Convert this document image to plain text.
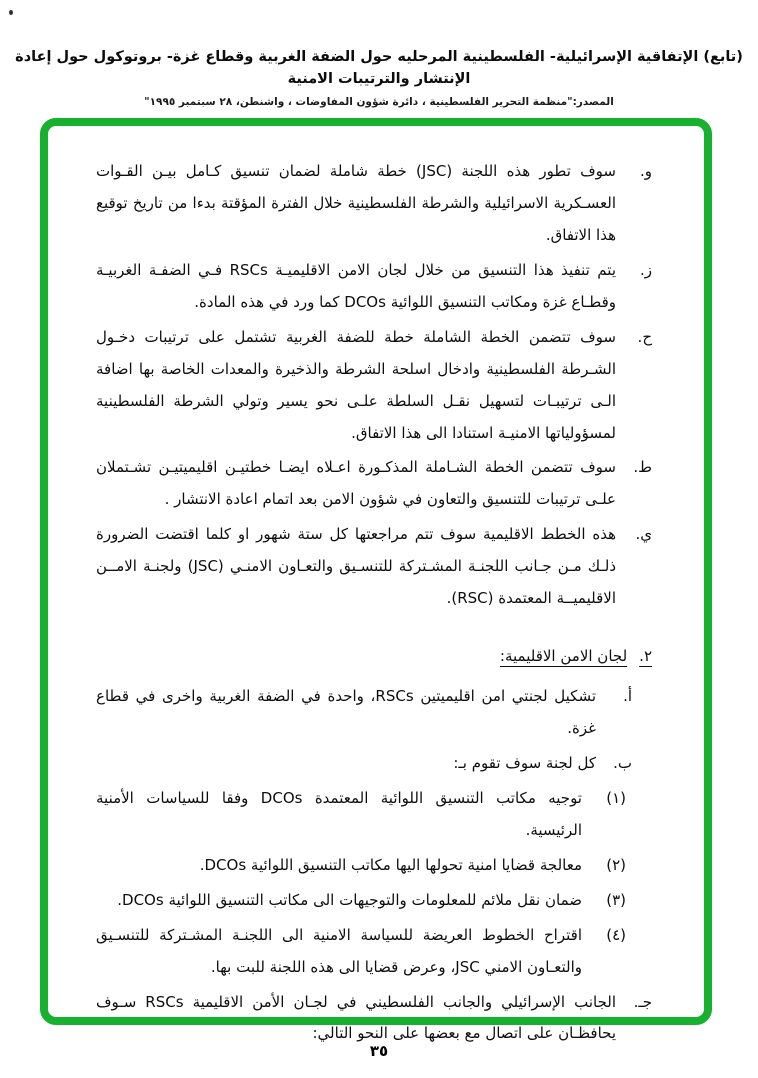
(تابع) الإتفاقية الإسرائيلية- الفلسطينية المرحليه حول الضفة الغربية وقطاع غزة- بروتوكول حول إعادة الإنتشار والترتيبات الامنية
المصدر:"منظمة التحرير الفلسطينية ، دائرة شؤون المفاوضات ، واشنطن، ٢٨ سبتمبر ١٩٩٥"
و.
سوف تطور هذه اللجنة (JSC) خطة شاملة لضمان تنسيق كـامل بيـن القـوات العسـكرية الاسرائيلية والشرطة الفلسطينية خلال الفترة المؤقتة بدءا من تاريخ توقيع هذا الاتفاق.
ز.
يتم تنفيذ هذا التنسيق من خلال لجان الامن الاقليميـة RSCs فـي الضفـة الغربيـة وقطـاع غزة ومكاتب التنسيق اللوائية DCOs كما ورد في هذه المادة.
ح.
سوف تتضمن الخطة الشاملة خطة للضفة الغربية تشتمل على ترتيبات دخـول الشـرطة الفلسطينية وادخال اسلحة الشرطة والذخيرة والمعدات الخاصة بها اضافة الـى ترتيبـات لتسهيل نقـل السلطة علـى نحو يسير وتولي الشرطة الفلسطينية لمسؤولياتها الامنيـة استنادا الى هذا الاتفاق.
ط.
سوف تتضمن الخطة الشـاملة المذكـورة اعـلاه ايضـا خطتيـن اقليميتيـن تشـتملان علـى ترتيبات للتنسيق والتعاون في شؤون الامن بعد اتمام اعادة الانتشار .
ي.
هذه الخطط الاقليمية سوف تتم مراجعتها كل ستة شهور او كلما اقتضت الضرورة ذلـك مـن جـانب اللجنـة المشـتركة للتنسـيق والتعـاون الامنـي (JSC) ولجنـة الامــن الاقليميــة المعتمدة (RSC).
٢.
لجان الامن الاقليمية:
أ.
تشكيل لجنتي امن اقليميتين RSCs، واحدة في الضفة الغربية واخرى في قطاع غزة.
ب.
كل لجنة سوف تقوم بـ:
(١)
توجيه مكاتب التنسيق اللوائية المعتمدة DCOs وفقا للسياسات الأمنية الرئيسية.
(٢)
معالجة قضايا امنية تحولها اليها مكاتب التنسيق اللوائية DCOs.
(٣)
ضمان نقل ملائم للمعلومات والتوجيهات الى مكاتب التنسيق اللوائية DCOs.
(٤)
اقتراح الخطوط العريضة للسياسة الامنية الى اللجنـة المشـتركة للتنسـيق والتعـاون الامني JSC، وعرض قضايا الى هذه اللجنة للبت بها.
جـ.
الجانب الإسرائيلي والجانب الفلسطيني في لجـان الأمن الاقليمية RSCs سـوف يحافظـان على اتصال مع بعضها على النحو التالي:
٣٥
